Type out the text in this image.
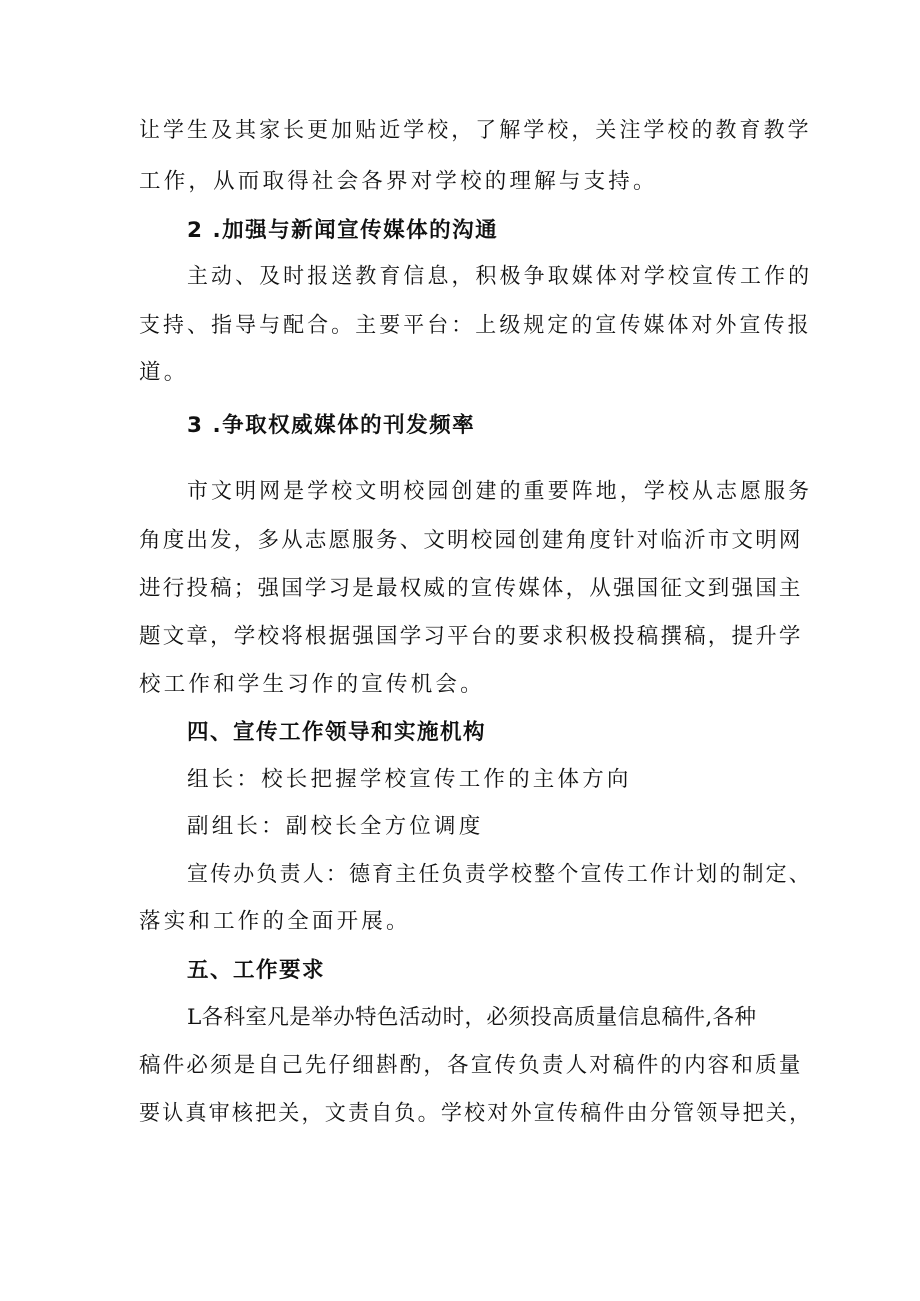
让学生及其家长更加贴近学校，了解学校，关注学校的教育教学
工作，从而取得社会各界对学校的理解与支持。
2 .加强与新闻宣传媒体的沟通
主动、及时报送教育信息，积极争取媒体对学校宣传工作的
支持、指导与配合。主要平台：上级规定的宣传媒体对外宣传报
道。
3 .争取权威媒体的刊发频率
市文明网是学校文明校园创建的重要阵地，学校从志愿服务
角度出发，多从志愿服务、文明校园创建角度针对临沂市文明网
进行投稿；强国学习是最权威的宣传媒体，从强国征文到强国主
题文章，学校将根据强国学习平台的要求积极投稿撰稿，提升学
校工作和学生习作的宣传机会。
四、宣传工作领导和实施机构
组长：校长把握学校宣传工作的主体方向
副组长：副校长全方位调度
宣传办负责人：德育主任负责学校整个宣传工作计划的制定、
落实和工作的全面开展。
五、工作要求
L各科室凡是举办特色活动时，必须投高质量信息稿件,各种
稿件必须是自己先仔细斟酌，各宣传负责人对稿件的内容和质量
要认真审核把关，文责自负。学校对外宣传稿件由分管领导把关，
